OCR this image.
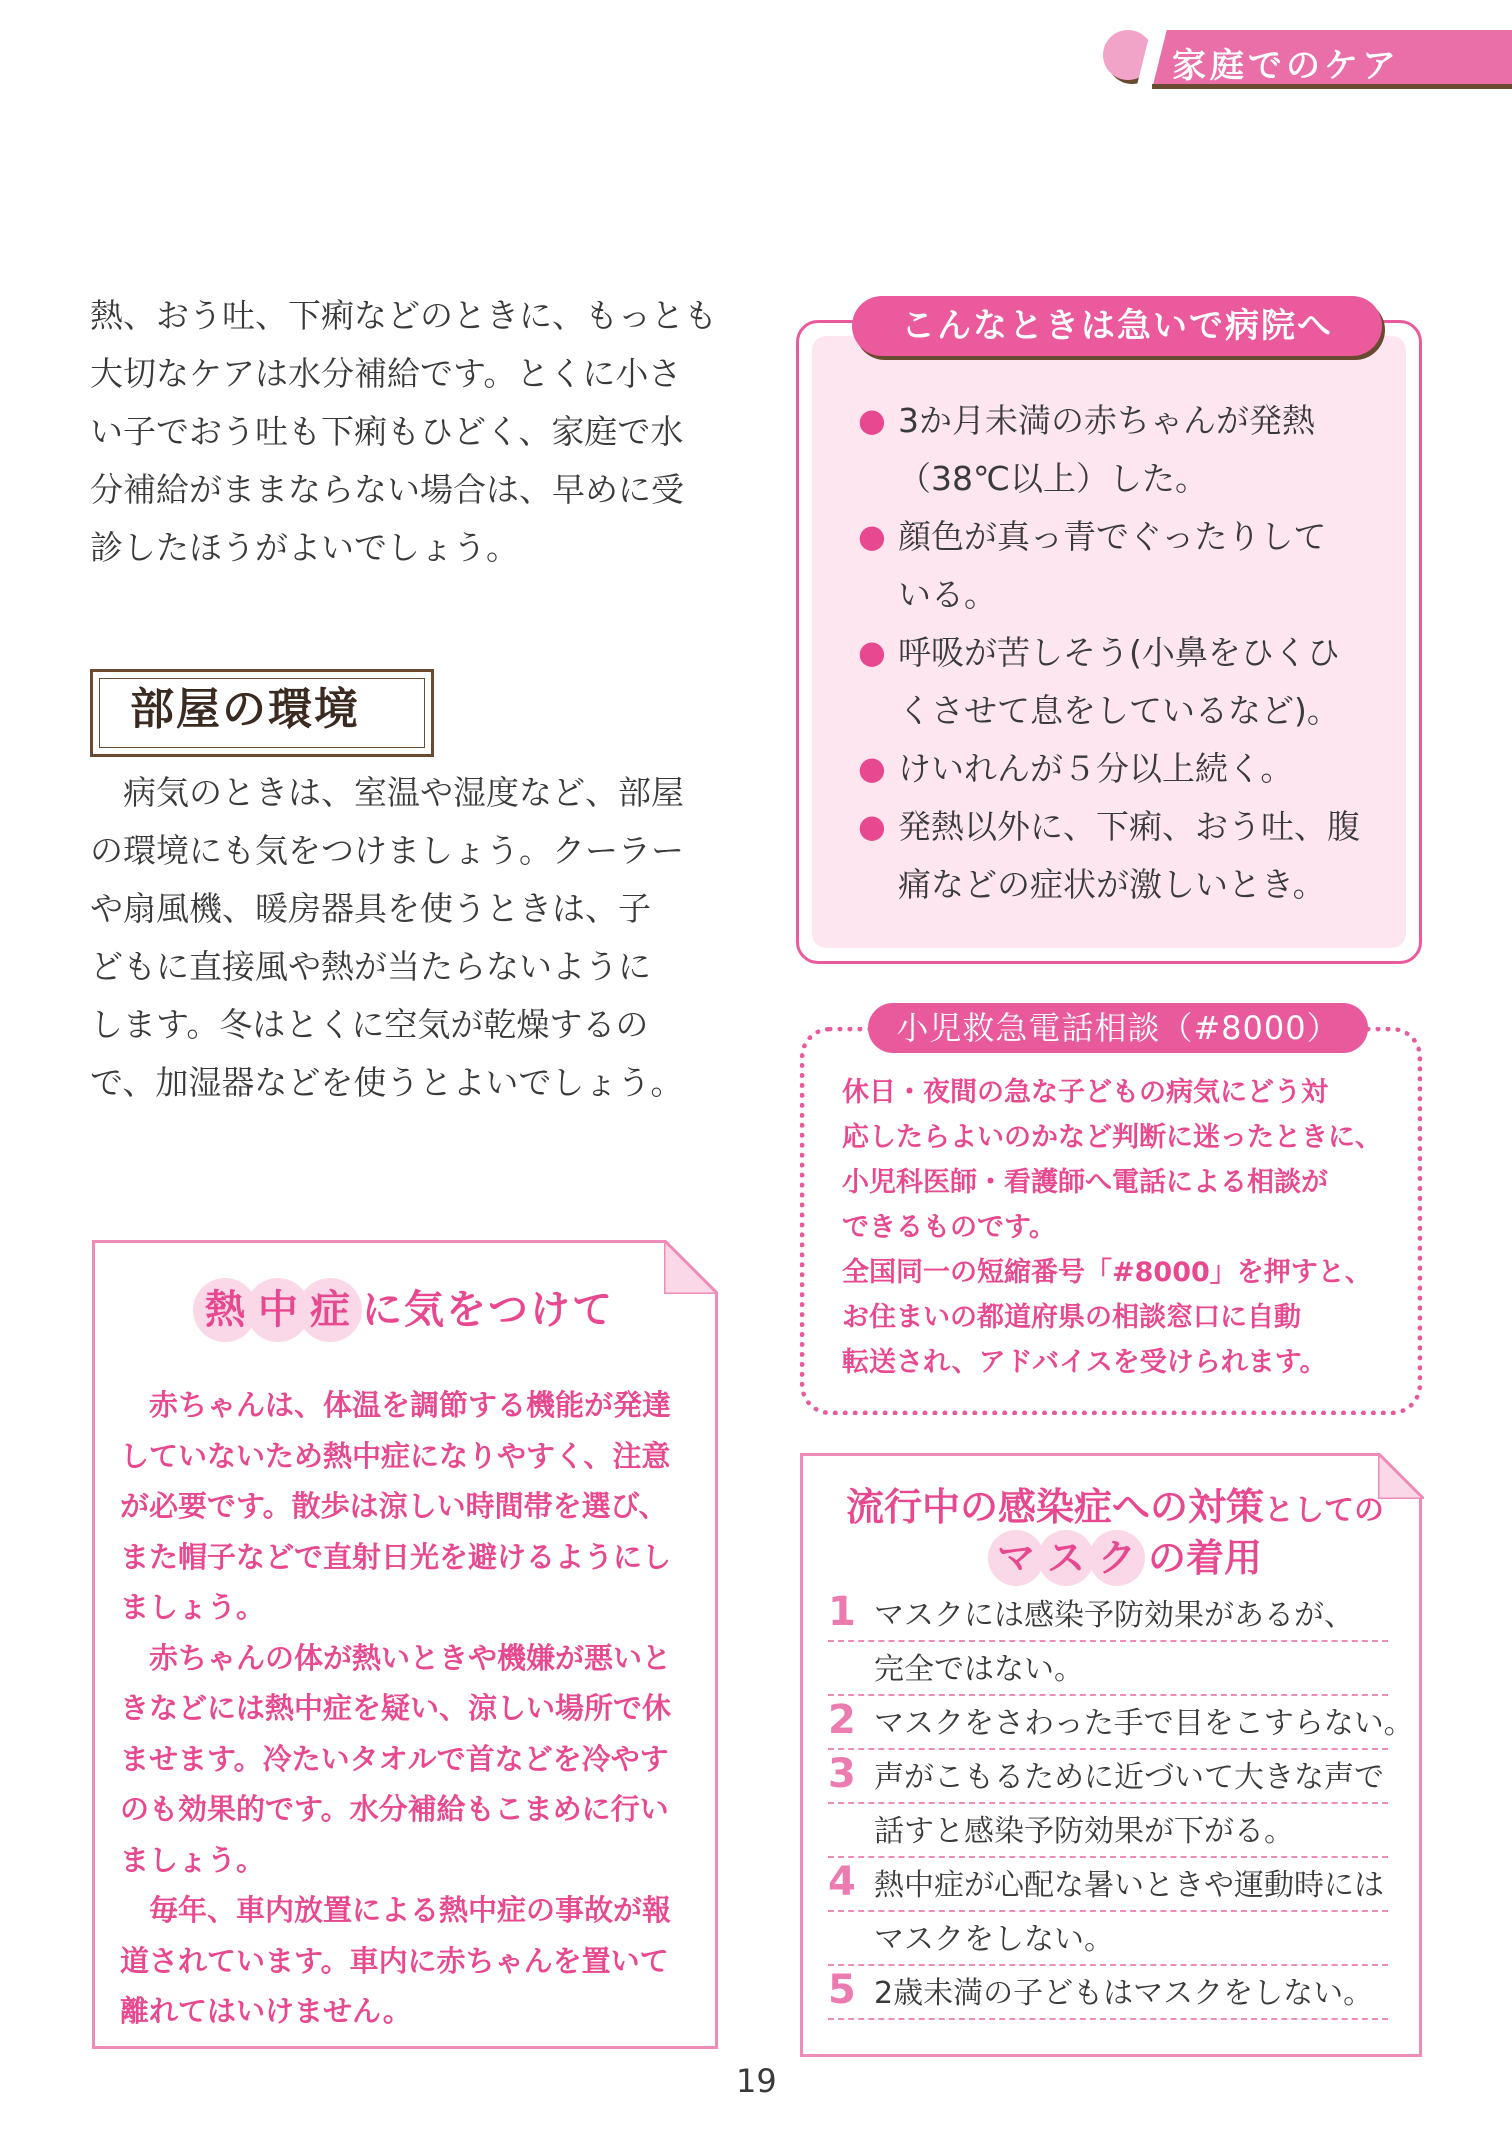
家庭でのケア
熱、おう吐、下痢などのときに、もっとも
大切なケアは水分補給です。とくに小さ
い子でおう吐も下痢もひどく、家庭で水
分補給がままならない場合は、早めに受
診したほうがよいでしょう。
部屋の環境
　病気のときは、室温や湿度など、部屋
の環境にも気をつけましょう。クーラー
や扇風機、暖房器具を使うときは、子
どもに直接風や熱が当たらないように
します。冬はとくに空気が乾燥するの
で、加湿器などを使うとよいでしょう。
熱 中 症 に気をつけて
　赤ちゃんは、体温を調節する機能が発達
していないため熱中症になりやすく、注意
が必要です。散歩は涼しい時間帯を選び、
また帽子などで直射日光を避けるようにし
ましょう。
　赤ちゃんの体が熱いときや機嫌が悪いと
きなどには熱中症を疑い、涼しい場所で休
ませます。冷たいタオルで首などを冷やす
のも効果的です。水分補給もこまめに行い
ましょう。
　毎年、車内放置による熱中症の事故が報
道されています。車内に赤ちゃんを置いて
離れてはいけません。
こんなときは急いで病院へ
● 3か月未満の赤ちゃんが発熱
（38℃以上）した。
● 顔色が真っ青でぐったりして
いる。
● 呼吸が苦しそう(小鼻をひくひ
くさせて息をしているなど)。
● けいれんが５分以上続く。
● 発熱以外に、下痢、おう吐、腹
痛などの症状が激しいとき。
小児救急電話相談（#8000）
休日・夜間の急な子どもの病気にどう対
応したらよいのかなど判断に迷ったときに、
小児科医師・看護師へ電話による相談が
できるものです。
全国同一の短縮番号「#8000」を押すと、
お住まいの都道府県の相談窓口に自動
転送され、アドバイスを受けられます。
流行中の感染症への対策としての
マ ス ク の着用
1 マスクには感染予防効果があるが、
完全ではない。
2 マスクをさわった手で目をこすらない。
3 声がこもるために近づいて大きな声で
話すと感染予防効果が下がる。
4 熱中症が心配な暑いときや運動時には
マスクをしない。
5 2歳未満の子どもはマスクをしない。
19
